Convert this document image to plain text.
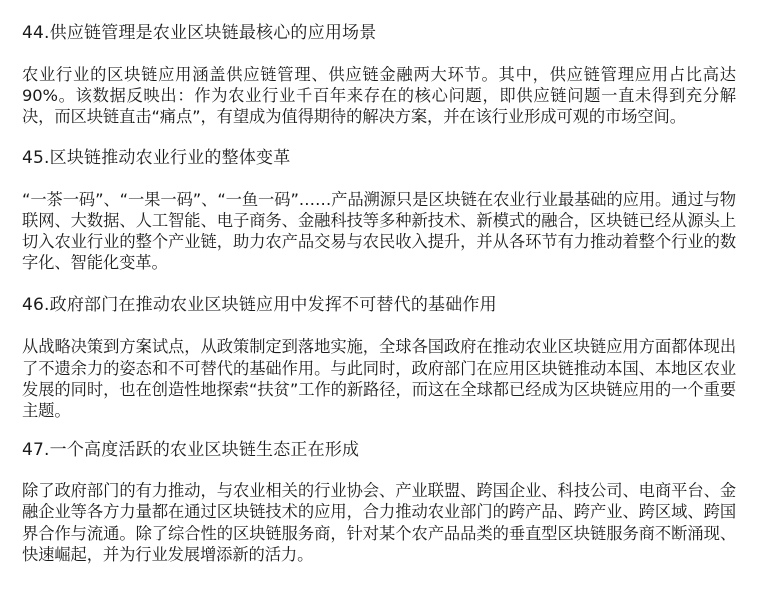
44.供应链管理是农业区块链最核心的应用场景

农业行业的区块链应用涵盖供应链管理、供应链金融两大环节。其中，供应链管理应用占比高达90%。该数据反映出：作为农业行业千百年来存在的核心问题，即供应链问题一直未得到充分解决，而区块链直击“痛点”，有望成为值得期待的解决方案，并在该行业形成可观的市场空间。

45.区块链推动农业行业的整体变革

“一茶一码”、“一果一码”、“一鱼一码”……产品溯源只是区块链在农业行业最基础的应用。通过与物联网、大数据、人工智能、电子商务、金融科技等多种新技术、新模式的融合，区块链已经从源头上切入农业行业的整个产业链，助力农产品交易与农民收入提升，并从各环节有力推动着整个行业的数字化、智能化变革。

46.政府部门在推动农业区块链应用中发挥不可替代的基础作用

从战略决策到方案试点，从政策制定到落地实施，全球各国政府在推动农业区块链应用方面都体现出了不遗余力的姿态和不可替代的基础作用。与此同时，政府部门在应用区块链推动本国、本地区农业发展的同时，也在创造性地探索“扶贫”工作的新路径，而这在全球都已经成为区块链应用的一个重要主题。

47.一个高度活跃的农业区块链生态正在形成

除了政府部门的有力推动，与农业相关的行业协会、产业联盟、跨国企业、科技公司、电商平台、金融企业等各方力量都在通过区块链技术的应用，合力推动农业部门的跨产品、跨产业、跨区域、跨国界合作与流通。除了综合性的区块链服务商，针对某个农产品品类的垂直型区块链服务商不断涌现、快速崛起，并为行业发展增添新的活力。
